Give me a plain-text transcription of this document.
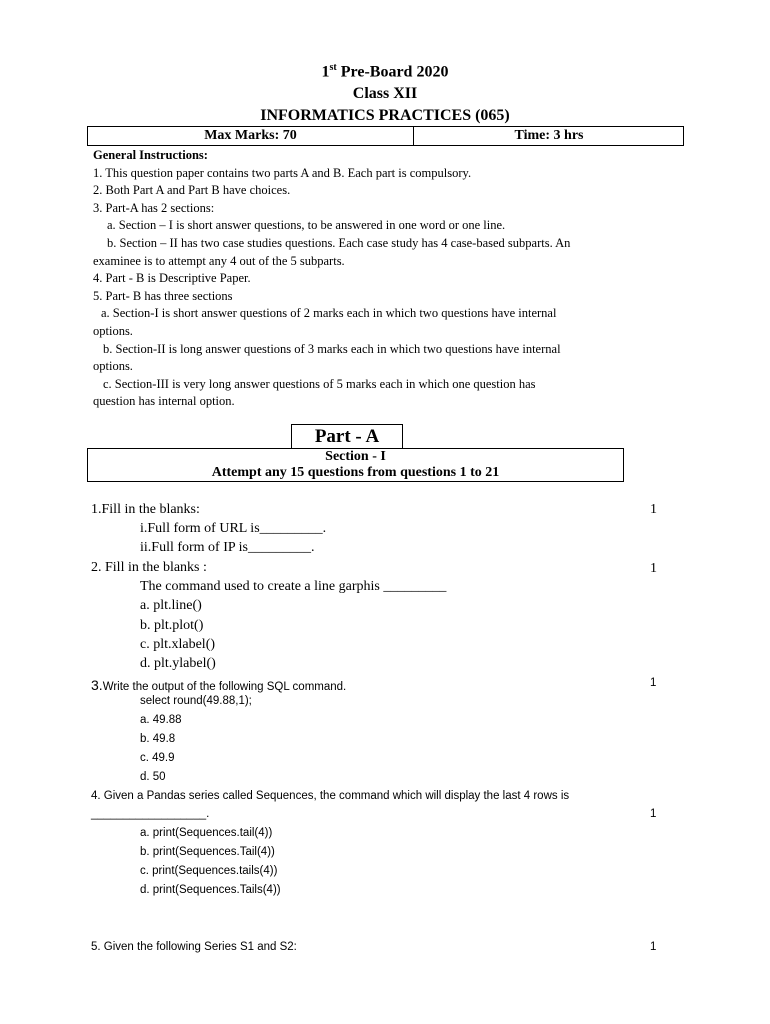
1st Pre-Board 2020
Class XII
INFORMATICS PRACTICES (065)
Max Marks: 70	Time: 3 hrs
General Instructions:
1. This question paper contains two parts A and B. Each part is compulsory.
2. Both Part A and Part B have choices.
3. Part-A has 2 sections:
a. Section – I is short answer questions, to be answered in one word or one line.
b. Section – II has two case studies questions. Each case study has 4 case-based subparts. An
examinee is to attempt any 4 out of the 5 subparts.
4. Part - B is Descriptive Paper.
5. Part- B has three sections
a. Section-I is short answer questions of 2 marks each in which two questions have internal
options.
b. Section-II is long answer questions of 3 marks each in which two questions have internal
options.
c. Section-III is very long answer questions of 5 marks each in which one question has
question has internal option.
Part - A
Section - I
Attempt any 15 questions from questions 1 to 21
1.Fill in the blanks:	1
i.Full form of URL is_________.
ii.Full form of IP is_________.
2. Fill in the blanks :	1
The command used to create a line garphis _________
a. plt.line()
b. plt.plot()
c. plt.xlabel()
d. plt.ylabel()
3.Write the output of the following SQL command.	1
select round(49.88,1);
a. 49.88
b. 49.8
c. 49.9
d. 50
4. Given a Pandas series called Sequences, the command which will display the last 4 rows is
__________________.	1
a. print(Sequences.tail(4))
b. print(Sequences.Tail(4))
c. print(Sequences.tails(4))
d. print(Sequences.Tails(4))
5. Given the following Series S1 and S2:	1
